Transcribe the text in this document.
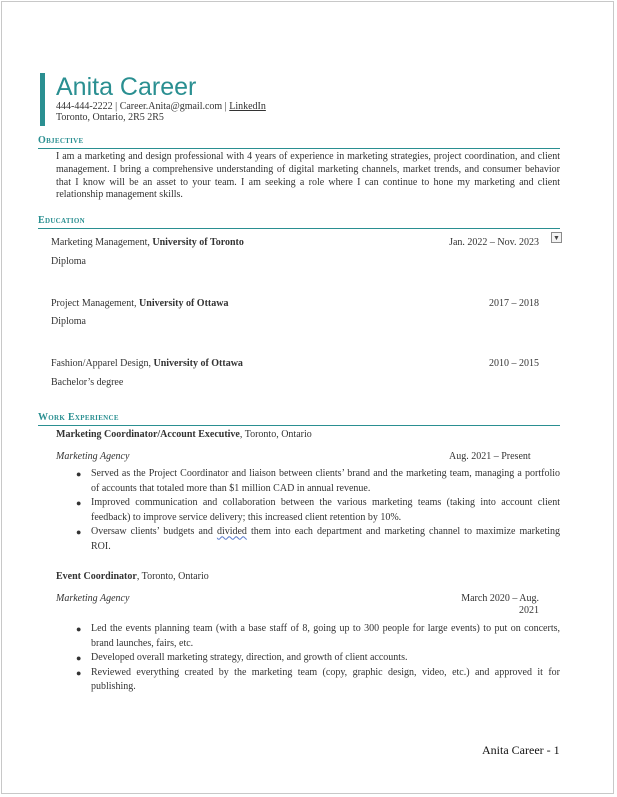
Anita Career
444-444-2222 | Career.Anita@gmail.com | LinkedIn
Toronto, Ontario, 2R5 2R5
Objective
I am a marketing and design professional with 4 years of experience in marketing strategies, project coordination, and client management. I bring a comprehensive understanding of digital marketing channels, market trends, and consumer behavior that I know will be an asset to your team. I am seeking a role where I can continue to hone my marketing and client relationship management skills.
Education
▼
Marketing Management, University of Toronto	Jan. 2022 – Nov. 2023
Diploma
Project Management, University of Ottawa	2017 – 2018
Diploma
Fashion/Apparel Design, University of Ottawa	2010 – 2015
Bachelor’s degree
Work Experience
Marketing Coordinator/Account Executive, Toronto, Ontario
Marketing Agency	Aug. 2021 – Present
● Served as the Project Coordinator and liaison between clients’ brand and the marketing team, managing a portfolio of accounts that totaled more than $1 million CAD in annual revenue.
● Improved communication and collaboration between the various marketing teams (taking into account client feedback) to improve service delivery; this increased client retention by 10%.
● Oversaw clients’ budgets and divided them into each department and marketing channel to maximize marketing ROI.
Event Coordinator, Toronto, Ontario
Marketing Agency	March 2020 – Aug. 2021
● Led the events planning team (with a base staff of 8, going up to 300 people for large events) to put on concerts, brand launches, fairs, etc.
● Developed overall marketing strategy, direction, and growth of client accounts.
● Reviewed everything created by the marketing team (copy, graphic design, video, etc.) and approved it for publishing.
Anita Career - 1
